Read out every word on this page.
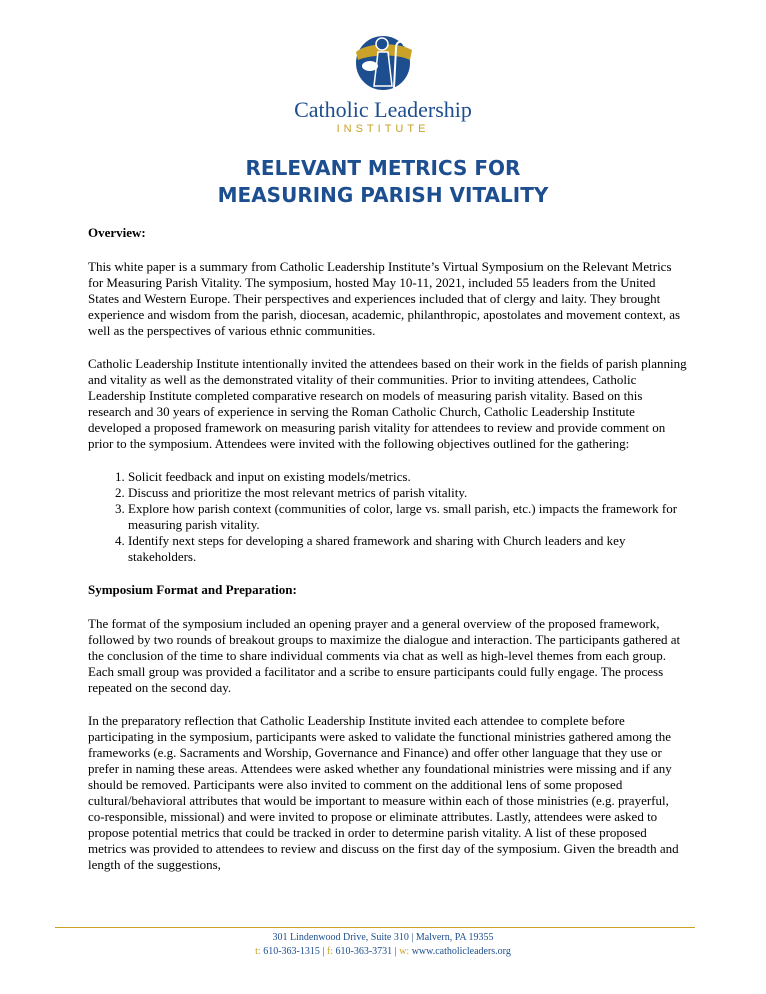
Catholic Leadership
INSTITUTE
RELEVANT METRICS FOR
MEASURING PARISH VITALITY
Overview:

This white paper is a summary from Catholic Leadership Institute’s Virtual Symposium on the Relevant Metrics for Measuring Parish Vitality. The symposium, hosted May 10-11, 2021, included 55 leaders from the United States and Western Europe. Their perspectives and experiences included that of clergy and laity. They brought experience and wisdom from the parish, diocesan, academic, philanthropic, apostolates and movement context, as well as the perspectives of various ethnic communities.

Catholic Leadership Institute intentionally invited the attendees based on their work in the fields of parish planning and vitality as well as the demonstrated vitality of their communities. Prior to inviting attendees, Catholic Leadership Institute completed comparative research on models of measuring parish vitality. Based on this research and 30 years of experience in serving the Roman Catholic Church, Catholic Leadership Institute developed a proposed framework on measuring parish vitality for attendees to review and provide comment on prior to the symposium. Attendees were invited with the following objectives outlined for the gathering:

1. Solicit feedback and input on existing models/metrics.
2. Discuss and prioritize the most relevant metrics of parish vitality.
3. Explore how parish context (communities of color, large vs. small parish, etc.) impacts the framework for measuring parish vitality.
4. Identify next steps for developing a shared framework and sharing with Church leaders and key stakeholders.
Symposium Format and Preparation:

The format of the symposium included an opening prayer and a general overview of the proposed framework, followed by two rounds of breakout groups to maximize the dialogue and interaction. The participants gathered at the conclusion of the time to share individual comments via chat as well as high-level themes from each group. Each small group was provided a facilitator and a scribe to ensure participants could fully engage. The process repeated on the second day.

In the preparatory reflection that Catholic Leadership Institute invited each attendee to complete before participating in the symposium, participants were asked to validate the functional ministries gathered among the frameworks (e.g. Sacraments and Worship, Governance and Finance) and offer other language that they use or prefer in naming these areas. Attendees were asked whether any foundational ministries were missing and if any should be removed. Participants were also invited to comment on the additional lens of some proposed cultural/behavioral attributes that would be important to measure within each of those ministries (e.g. prayerful, co-responsible, missional) and were invited to propose or eliminate attributes. Lastly, attendees were asked to propose potential metrics that could be tracked in order to determine parish vitality. A list of these proposed metrics was provided to attendees to review and discuss on the first day of the symposium. Given the breadth and length of the suggestions,

301 Lindenwood Drive, Suite 310 | Malvern, PA 19355
t: 610-363-1315 | f: 610-363-3731 | w: www.catholicleaders.org
